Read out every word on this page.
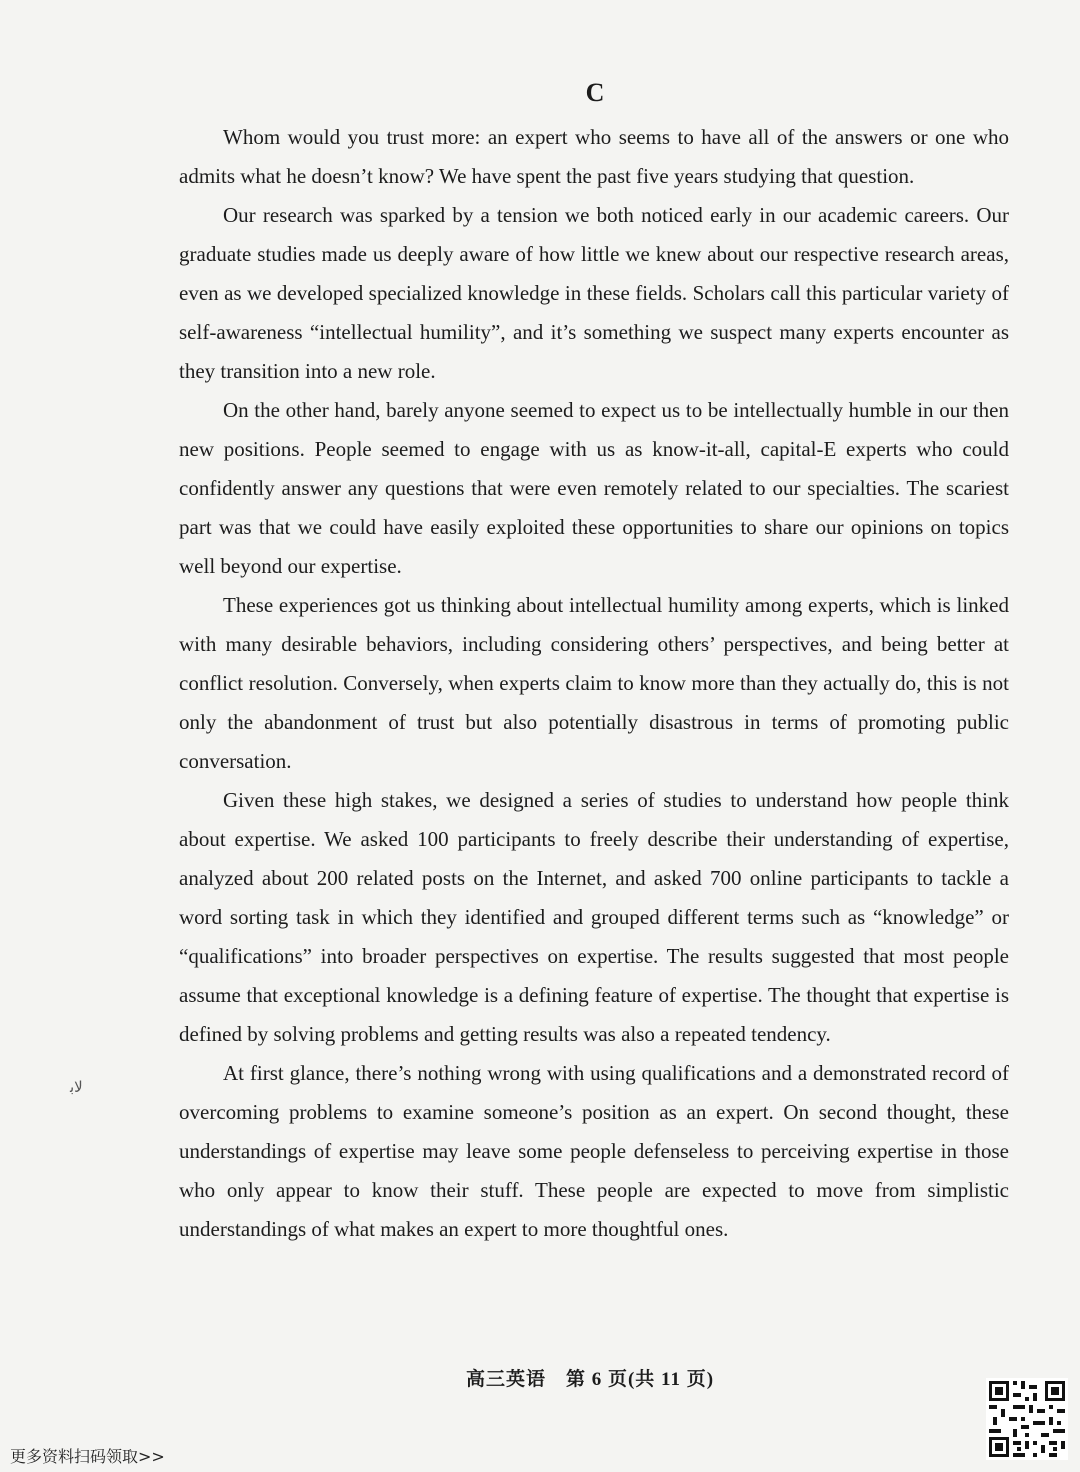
C

Whom would you trust more: an expert who seems to have all of the answers or one who admits what he doesn’t know? We have spent the past five years studying that question.

Our research was sparked by a tension we both noticed early in our academic careers. Our graduate studies made us deeply aware of how little we knew about our respective research areas, even as we developed specialized knowledge in these fields. Scholars call this particular variety of self-awareness “intellectual humility”, and it’s something we suspect many experts encounter as they transition into a new role.

On the other hand, barely anyone seemed to expect us to be intellectually humble in our then new positions. People seemed to engage with us as know-it-all, capital-E experts who could confidently answer any questions that were even remotely related to our specialties. The scariest part was that we could have easily exploited these opportunities to share our opinions on topics well beyond our expertise.

These experiences got us thinking about intellectual humility among experts, which is linked with many desirable behaviors, including considering others’ perspectives, and being better at conflict resolution. Conversely, when experts claim to know more than they actually do, this is not only the abandonment of trust but also potentially disastrous in terms of promoting public conversation.

Given these high stakes, we designed a series of studies to understand how people think about expertise. We asked 100 participants to freely describe their understanding of expertise, analyzed about 200 related posts on the Internet, and asked 700 online participants to tackle a word sorting task in which they identified and grouped different terms such as “knowledge” or “qualifications” into broader perspectives on expertise. The results suggested that most people assume that exceptional knowledge is a defining feature of expertise. The thought that expertise is defined by solving problems and getting results was also a repeated tendency.

At first glance, there’s nothing wrong with using qualifications and a demonstrated record of overcoming problems to examine someone’s position as an expert. On second thought, these understandings of expertise may leave some people defenseless to perceiving expertise in those who only appear to know their stuff. These people are expected to move from simplistic understandings of what makes an expert to more thoughtful ones.

ﻟﺎﺑ
高三英语　第 6 页(共 11 页)
更多资料扫码领取>>
